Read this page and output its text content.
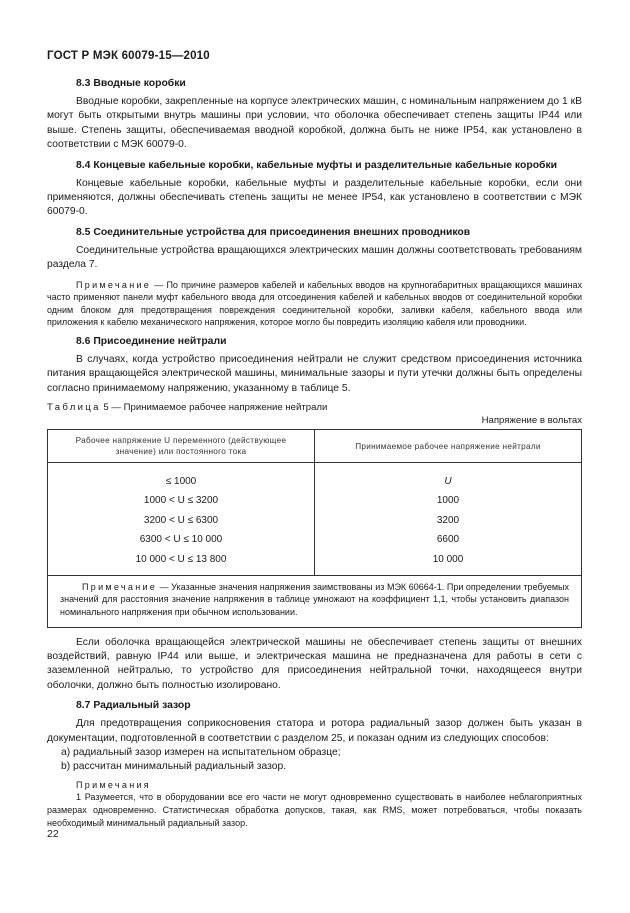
ГОСТ Р МЭК 60079-15—2010
8.3 Вводные коробки

Вводные коробки, закрепленные на корпусе электрических машин, с номинальным напряжением до 1 кВ могут быть открытыми внутрь машины при условии, что оболочка обеспечивает степень защиты IP44 или выше. Степень защиты, обеспечиваемая вводной коробкой, должна быть не ниже IP54, как установлено в соответствии с МЭК 60079-0.

8.4 Концевые кабельные коробки, кабельные муфты и разделительные кабельные коробки

Концевые кабельные коробки, кабельные муфты и разделительные кабельные коробки, если они применяются, должны обеспечивать степень защиты не менее IP54, как установлено в соответствии с МЭК 60079-0.

8.5 Соединительные устройства для присоединения внешних проводников

Соединительные устройства вращающихся электрических машин должны соответствовать требованиям раздела 7.

Примечание — По причине размеров кабелей и кабельных вводов на крупногабаритных вращающихся машинах часто применяют панели муфт кабельного ввода для отсоединения кабелей и кабельных вводов от соединительной коробки одним блоком для предотвращения повреждения соединительной коробки, заливки кабеля, кабельного ввода или приложения к кабелю механического напряжения, которое могло бы повредить изоляцию кабеля или проводники.

8.6 Присоединение нейтрали

В случаях, когда устройство присоединения нейтрали не служит средством присоединения источника питания вращающейся электрической машины, минимальные зазоры и пути утечки должны быть определены согласно принимаемому напряжению, указанному в таблице 5.

Таблица 5 — Принимаемое рабочее напряжение нейтрали
Напряжение в вольтах
Рабочее напряжение U переменного (действующее значение) или постоянного тока	Принимаемое рабочее напряжение нейтрали
≤ 1000	U
1000 < U ≤ 3200	1000
3200 < U ≤ 6300	3200
6300 < U ≤ 10 000	6600
10 000 < U ≤ 13 800	10 000

Примечание — Указанные значения напряжения заимствованы из МЭК 60664-1. При определении требуемых значений для расстояния значение напряжения в таблице умножают на коэффициент 1,1, чтобы установить диапазон номинального напряжения при обычном использовании.	

Если оболочка вращающейся электрической машины не обеспечивает степень защиты от внешних воздействий, равную IP44 или выше, и электрическая машина не предназначена для работы в сети с заземленной нейтралью, то устройство для присоединения нейтральной точки, находящееся внутри оболочки, должно быть полностью изолировано.

8.7 Радиальный зазор

Для предотвращения соприкосновения статора и ротора радиальный зазор должен быть указан в документации, подготовленной в соответствии с разделом 25, и показан одним из следующих способов:

a) радиальный зазор измерен на испытательном образце;

b) рассчитан минимальный радиальный зазор.

Примечания

1 Разумеется, что в оборудовании все его части не могут одновременно существовать в наиболее неблагоприятных размерах одновременно. Статистическая обработка допусков, такая, как RMS, может потребоваться, чтобы показать необходимый минимальный радиальный зазор.

22
